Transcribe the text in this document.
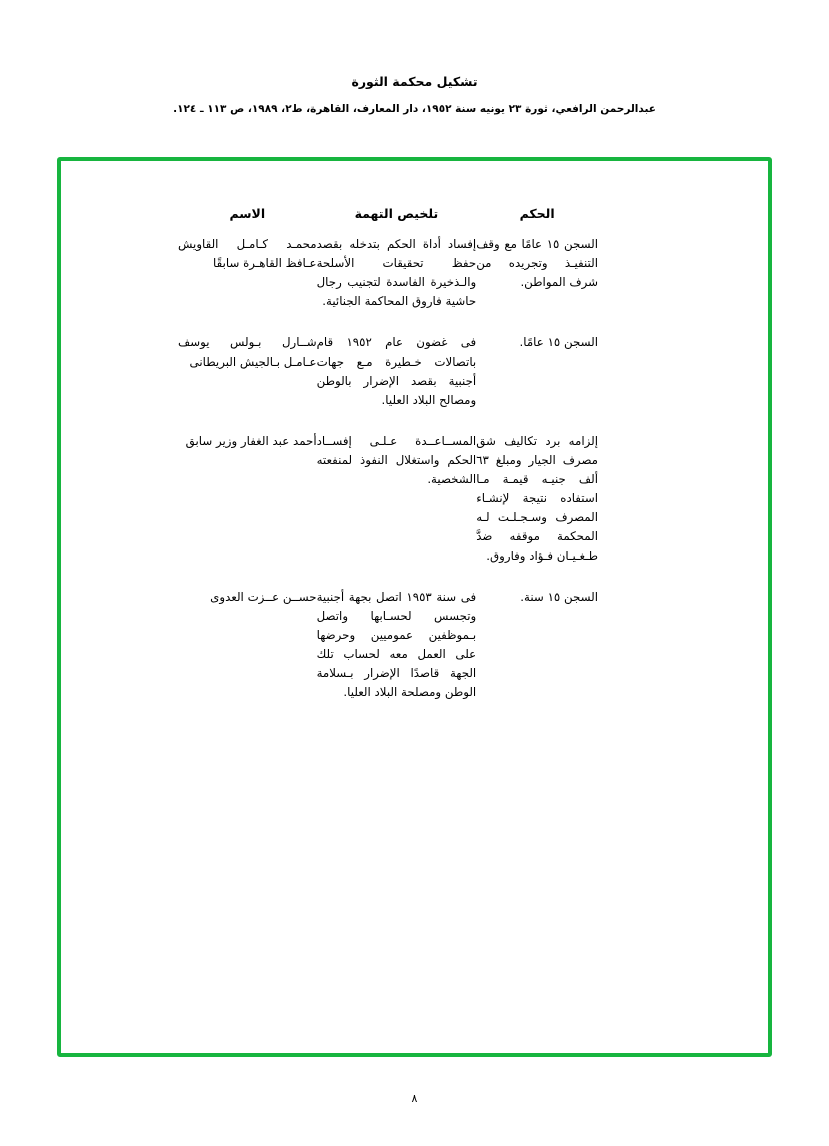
تشكيل محكمة الثورة
عبدالرحمن الرافعي، ثورة ٢٣ يونيه سنة ١٩٥٢، دار المعارف، القاهرة، ط٢، ١٩٨٩، ص ١١٣ ـ ١٢٤.
الحكم	تلخيص التهمة	الاسم
السجن ١٥ عامًا مع وقف التنفيـذ وتجريده من شرف المواطن.	إفساد أداة الحكم بتدخله بقصد حفظ تحقيقات الأسلحة والـذخيرة الفاسدة لتجنيب رجال حاشية فاروق المحاكمة الجنائية.	محمـد كـامـل القاويش عـافظ القاهـرة سابقًا
السجن ١٥ عامًا.	فى غضون عام ١٩٥٢ قام باتصالات خـطيرة مـع جهات أجنبية بقصد الإضرار بالوطن ومصالح البلاد العليا.	شــارل بـولس يوسف عـامـل بـالجيش البريطانى
إلزامه برد تكاليف شق مصرف الجيار ومبلغ ٦٣ ألف جنيـه قيمـة مـا استفاده نتيجة لإنشـاء المصرف وسـجـلـت لـه المحكمة موقفه ضدَّ طـغـيـان فـؤاد وفاروق.	المســاعــدة عـلـى إفســاد الحكم واستغلال النفوذ لمنفعته الشخصية.	أحمد عبد الغفار وزير سابق
السجن ١٥ سنة.	فى سنة ١٩٥٣ اتصل بجهة أجنبية وتجسس لحسـابها واتصل بـموظفين عموميين وحرضها على العمل معه لحساب تلك الجهة قاصدًا الإضرار بـسلامة الوطن ومصلحة البلاد العليا.	حســن عــزت العدوى
٨
